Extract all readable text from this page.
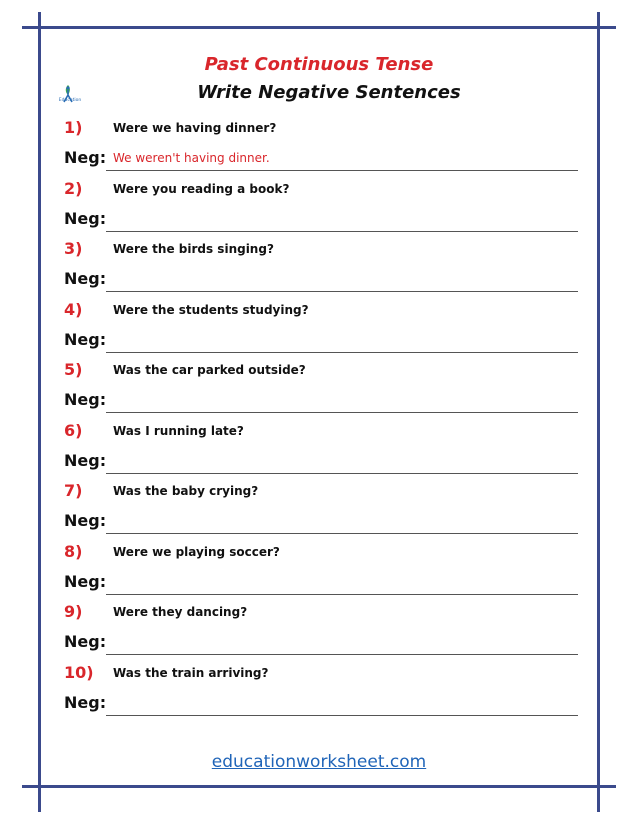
Past Continuous Tense
Write Negative Sentences
Education
1)	Were we having dinner?
Neg: We weren't having dinner.
2)	Were you reading a book?
Neg:
3)	Were the birds singing?
Neg:
4)	Were the students studying?
Neg:
5)	Was the car parked outside?
Neg:
6)	Was I running late?
Neg:
7)	Was the baby crying?
Neg:
8)	Were we playing soccer?
Neg:
9)	Were they dancing?
Neg:
10) Was the train arriving?
Neg:
educationworksheet.com
